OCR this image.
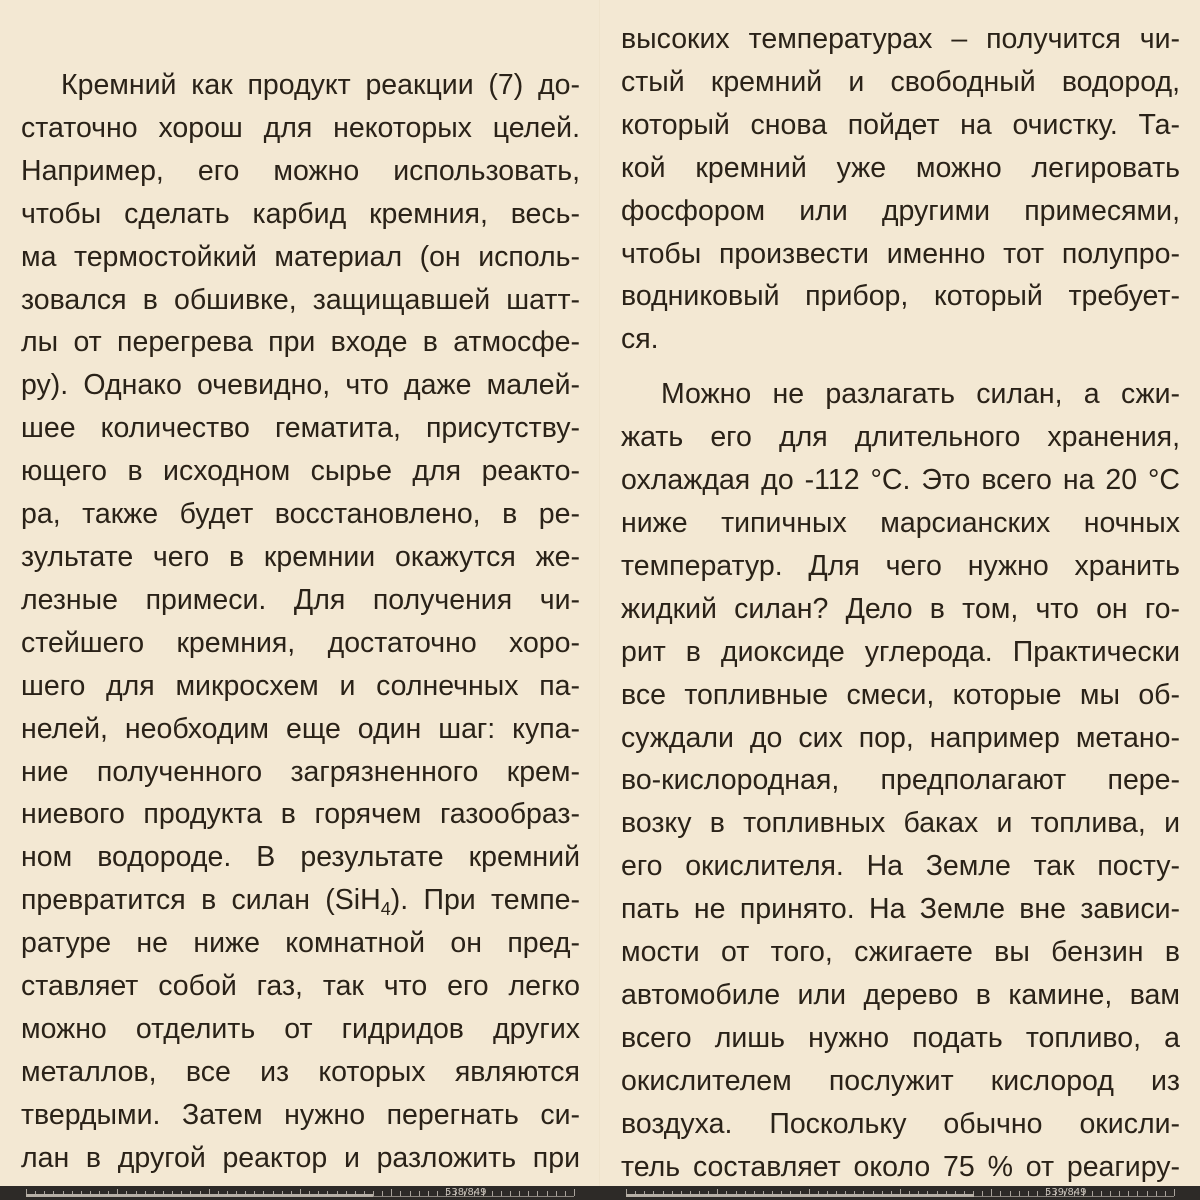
Кремний как продукт реакции (7) до-
статочно хорош для некоторых целей.
Например, его можно использовать,
чтобы сделать карбид кремния, весь-
ма термостойкий материал (он исполь-
зовался в обшивке, защищавшей шатт-
лы от перегрева при входе в атмосфе-
ру). Однако очевидно, что даже малей-
шее количество гематита, присутству-
ющего в исходном сырье для реакто-
ра, также будет восстановлено, в ре-
зультате чего в кремнии окажутся же-
лезные примеси. Для получения чи-
стейшего кремния, достаточно хоро-
шего для микросхем и солнечных па-
нелей, необходим еще один шаг: купа-
ние полученного загрязненного крем-
ниевого продукта в горячем газообраз-
ном водороде. В результате кремний
превратится в силан (SiH$_4$). При темпе-
ратуре не ниже комнатной он пред-
ставляет собой газ, так что его легко
можно отделить от гидридов других
металлов, все из которых являются
твердыми. Затем нужно перегнать си-
лан в другой реактор и разложить при
высоких температурах – получится чи-
стый кремний и свободный водород,
который снова пойдет на очистку. Та-
кой кремний уже можно легировать
фосфором или другими примесями,
чтобы произвести именно тот полупро-
водниковый прибор, который требует-
ся.
Можно не разлагать силан, а сжи-
жать его для длительного хранения,
охлаждая до -112 °С. Это всего на 20 °С
ниже типичных марсианских ночных
температур. Для чего нужно хранить
жидкий силан? Дело в том, что он го-
рит в диоксиде углерода. Практически
все топливные смеси, которые мы об-
суждали до сих пор, например метано-
во-кислородная, предполагают пере-
возку в топливных баках и топлива, и
его окислителя. На Земле так посту-
пать не принято. На Земле вне зависи-
мости от того, сжигаете вы бензин в
автомобиле или дерево в камине, вам
всего лишь нужно подать топливо, а
окислителем послужит кислород из
воздуха. Поскольку обычно окисли-
тель составляет около 75 % от реагиру-
538/849	539/849
